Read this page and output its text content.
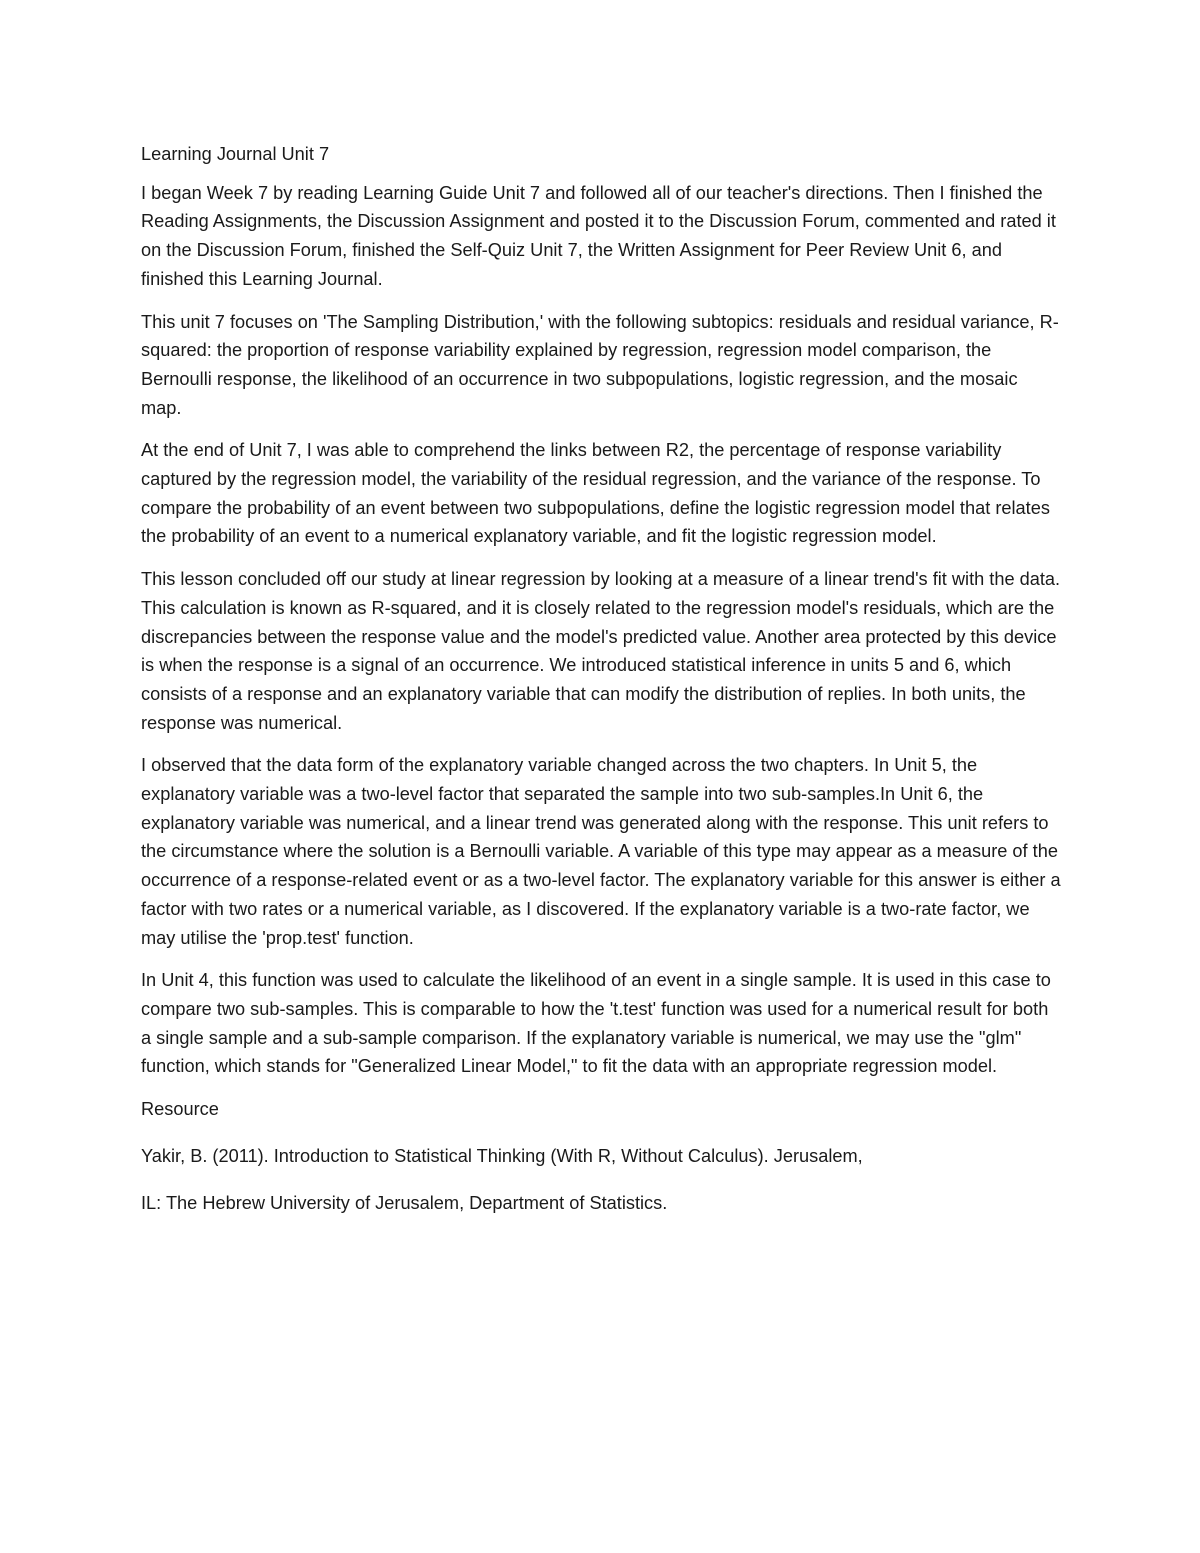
Learning Journal Unit 7

I began Week 7 by reading Learning Guide Unit 7 and followed all of our teacher's directions. Then I finished the Reading Assignments, the Discussion Assignment and posted it to the Discussion Forum, commented and rated it on the Discussion Forum, finished the Self-Quiz Unit 7, the Written Assignment for Peer Review Unit 6, and finished this Learning Journal.

This unit 7 focuses on 'The Sampling Distribution,' with the following subtopics: residuals and residual variance, R-squared: the proportion of response variability explained by regression, regression model comparison, the Bernoulli response, the likelihood of an occurrence in two subpopulations, logistic regression, and the mosaic map.

At the end of Unit 7, I was able to comprehend the links between R2, the percentage of response variability captured by the regression model, the variability of the residual regression, and the variance of the response. To compare the probability of an event between two subpopulations, define the logistic regression model that relates the probability of an event to a numerical explanatory variable, and fit the logistic regression model.

This lesson concluded off our study at linear regression by looking at a measure of a linear trend's fit with the data. This calculation is known as R-squared, and it is closely related to the regression model's residuals, which are the discrepancies between the response value and the model's predicted value. Another area protected by this device is when the response is a signal of an occurrence. We introduced statistical inference in units 5 and 6, which consists of a response and an explanatory variable that can modify the distribution of replies. In both units, the response was numerical.

I observed that the data form of the explanatory variable changed across the two chapters. In Unit 5, the explanatory variable was a two-level factor that separated the sample into two sub-samples.In Unit 6, the explanatory variable was numerical, and a linear trend was generated along with the response. This unit refers to the circumstance where the solution is a Bernoulli variable. A variable of this type may appear as a measure of the occurrence of a response-related event or as a two-level factor. The explanatory variable for this answer is either a factor with two rates or a numerical variable, as I discovered. If the explanatory variable is a two-rate factor, we may utilise the 'prop.test' function.

In Unit 4, this function was used to calculate the likelihood of an event in a single sample. It is used in this case to compare two sub-samples. This is comparable to how the 't.test' function was used for a numerical result for both a single sample and a sub-sample comparison. If the explanatory variable is numerical, we may use the "glm" function, which stands for "Generalized Linear Model," to fit the data with an appropriate regression model.

Resource

Yakir, B. (2011). Introduction to Statistical Thinking (With R, Without Calculus). Jerusalem,

IL: The Hebrew University of Jerusalem, Department of Statistics.
